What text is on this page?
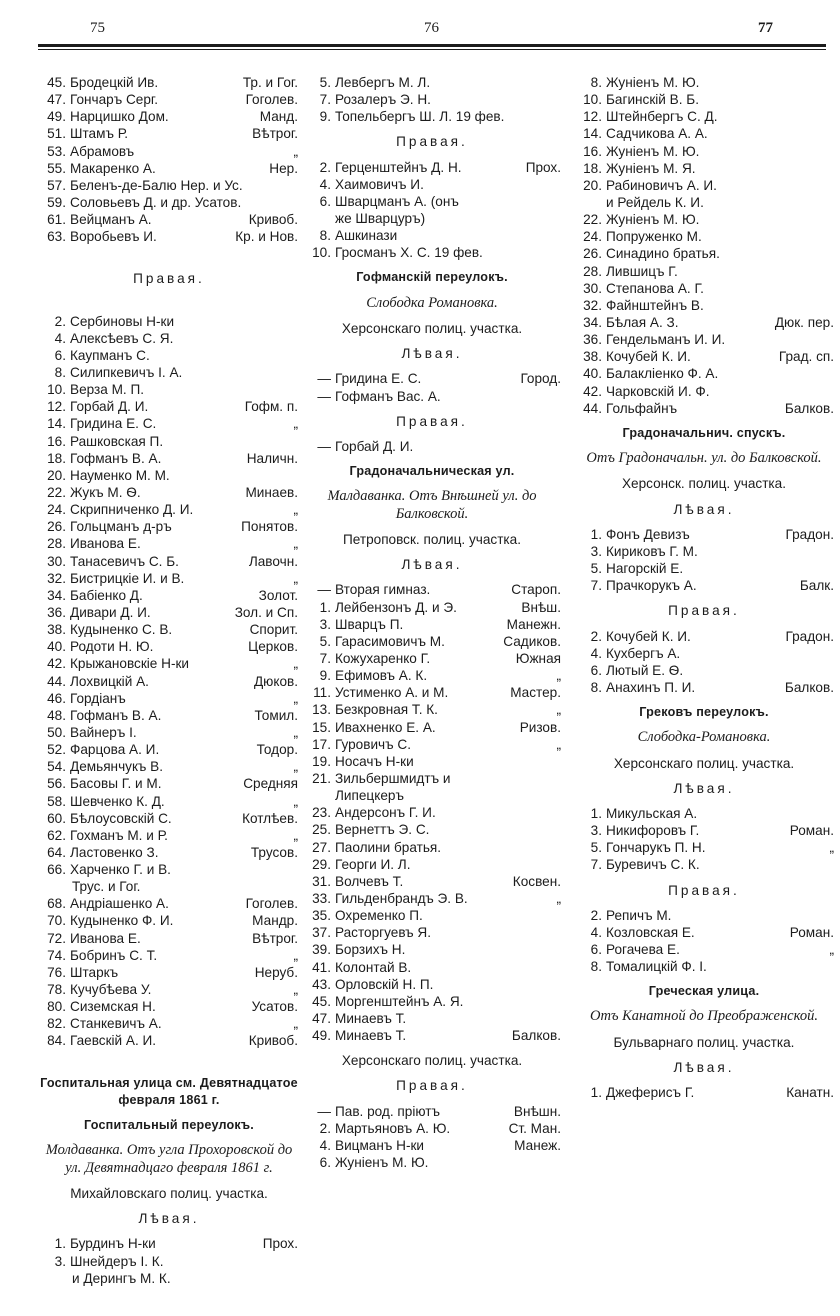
75	76	77
45. Бродецкiй Ив.	Тр. и Гог.
47. Гончаръ Серг.	Гоголев.
49. Нарцишко Дом.	Манд.
51. Штамъ Р.	Вѣтрог.
53. Абрамовъ	„
55. Макаренко А.	Нер.
57. Беленъ-де-Балю Нер. и Ус.
59. Соловьевъ Д. и др. Усатов.
61. Вейцманъ А.	Кривоб.
63. Воробьевъ И.	Кр. и Нов.
Правая.
2. Сербиновы Н-ки
4. Алексѣевъ С. Я.
6. Каупманъ С.
8. Силипкевичъ I. А.
10. Верза М. П.
12. Горбай Д. И.	Гофм. п.
14. Гридина Е. С.	„
16. Рашковская П.
18. Гофманъ В. А.	Наличн.
20. Науменко М. М.
22. Жукъ М. Ѳ.	Минаев.
24. Скрипниченко Д. И.	„
26. Гольцманъ д-ръ	Понятов.
28. Иванова Е.	„
30. Танасевичъ С. Б.	Лавочн.
32. Бистрицкiе И. и В.	„
34. Бабiенко Д.	Золот.
36. Дивари Д. И.	Зол. и Сп.
38. Кудыненко С. В.	Спорит.
40. Родоти Н. Ю.	Церков.
42. Крыжановскiе Н-ки	„
44. Лохвицкiй А.	Дюков.
46. Гордiанъ	„
48. Гофманъ В. А.	Томил.
50. Вайнеръ I.	„
52. Фарцова А. И.	Тодор.
54. Демьянчукъ В.	„
56. Басовы Г. и М.	Средняя
58. Шевченко К. Д.	„
60. Бѣлоусовскiй С.	Котлѣев.
62. Гохманъ М. и Р.	„
64. Ластовенко З.	Трусов.
66. Харченко Г. и В.
Трус. и Гог.
68. Андрiашенко А.	Гоголев.
70. Кудыненко Ф. И.	Мандр.
72. Иванова Е.	Вѣтрог.
74. Бобринъ С. Т.	„
76. Штаркъ	Неруб.
78. Кучубѣева У.	„
80. Сиземская Н.	Усатов.
82. Станкевичъ А.	„
84. Гаевскiй А. И.	Кривоб.
Госпитальная улица см. Девятнадцатое февраля 1861 г.
Госпитальный переулокъ.
Молдаванка. Отъ угла Прохоровской до ул. Девятнадцаго февраля 1861 г.
Михайловскаго полиц. участка.
Лѣвая.
1. Бурдинъ Н-ки	Прох.
3. Шнейдеръ I. К.
и Дерингъ М. К.
5. Левбергъ М. Л.
7. Розалеръ Э. Н.
9. Топельбергъ Ш. Л. 19 фев.
Правая.
2. Герценштейнъ Д. Н.	Прох.
4. Хаимовичъ И.
6. Шварцманъ А. (онъ
же Шварцуръ)
8. Ашкинази
10. Гросманъ Х. С. 19 фев.
Гофманскiй переулокъ.
Слободка Романовка.
Херсонскаго полиц. участка.
Лѣвая.
— Гридина Е. С.	Город.
— Гофманъ Вас. А.
Правая.
— Горбай Д. И.
Градоначальническая ул.
Малдаванка. Отъ Внѣшней ул. до Балковской.
Петроповск. полиц. участка.
Лѣвая.
— Вторая гимназ.	Староп.
1. Лейбензонъ Д. и Э.	Внѣш.
3. Шварцъ П.	Манежн.
5. Гарасимовичъ М.	Садиков.
7. Кожухаренко Г.	Южная
9. Ефимовъ А. К.	„
11. Устименко А. и М.	Мастер.
13. Безкровная Т. К.	„
15. Ивахненко Е. А.	Ризов.
17. Гуровичъ С.	„
19. Носачъ Н-ки
21. Зильбершмидтъ и
Липецкеръ
23. Андерсонъ Г. И.
25. Вернеттъ Э. С.
27. Паолини братья.
29. Георги И. Л.
31. Волчевъ Т.	Косвен.
33. Гильденбрандъ Э. В.	„
35. Охременко П.
37. Расторгуевъ Я.
39. Борзихъ Н.
41. Колонтай В.
43. Орловскiй Н. П.
45. Моргенштейнъ А. Я.
47. Минаевъ Т.
49. Минаевъ Т.	Балков.
Херсонскаго полиц. участка.
Правая.
— Пав. род. прiютъ	Внѣшн.
2. Мартьяновъ А. Ю.	Ст. Ман.
4. Вицманъ Н-ки	Манеж.
6. Жунiенъ М. Ю.
8. Жунiенъ М. Ю.
10. Багинскiй В. Б.
12. Штейнбергъ С. Д.
14. Садчикова А. А.
16. Жунiенъ М. Ю.
18. Жунiенъ М. Я.
20. Рабиновичъ А. И.
и Рейдель К. И.
22. Жунiенъ М. Ю.
24. Попруженко М.
26. Синадино братья.
28. Лившицъ Г.
30. Степанова А. Г.
32. Файнштейнъ В.
34. Бѣлая А. З.	Дюк. пер.
36. Гендельманъ И. И.
38. Кочубей К. И.	Град. сп.
40. Балаклiенко Ф. А.
42. Чарковскiй И. Ф.
44. Гольфайнъ	Балков.
Градоначальнич. спускъ.
Отъ Градоначальн. ул. до Балковской.
Херсонск. полиц. участка.
Лѣвая.
1. Фонъ Девизъ	Градон.
3. Кириковъ Г. М.
5. Нагорскiй Е.
7. Прачкорукъ А.	Балк.
Правая.
2. Кочубей К. И.	Градон.
4. Кухбергъ А.
6. Лютый Е. Ѳ.
8. Анахинъ П. И.	Балков.
Грековъ переулокъ.
Слободка-Романовка.
Херсонскаго полиц. участка.
Лѣвая.
1. Микульская А.
3. Никифоровъ Г.	Роман.
5. Гончарукъ П. Н.	„
7. Буревичъ С. К.
Правая.
2. Репичъ М.
4. Козловская Е.	Роман.
6. Рогачева Е.	„
8. Томалицкiй Ф. I.
Греческая улица.
Отъ Канатной до Преображенской.
Бульварнаго полиц. участка.
Лѣвая.
1. Джеферисъ Г.	Канатн.
